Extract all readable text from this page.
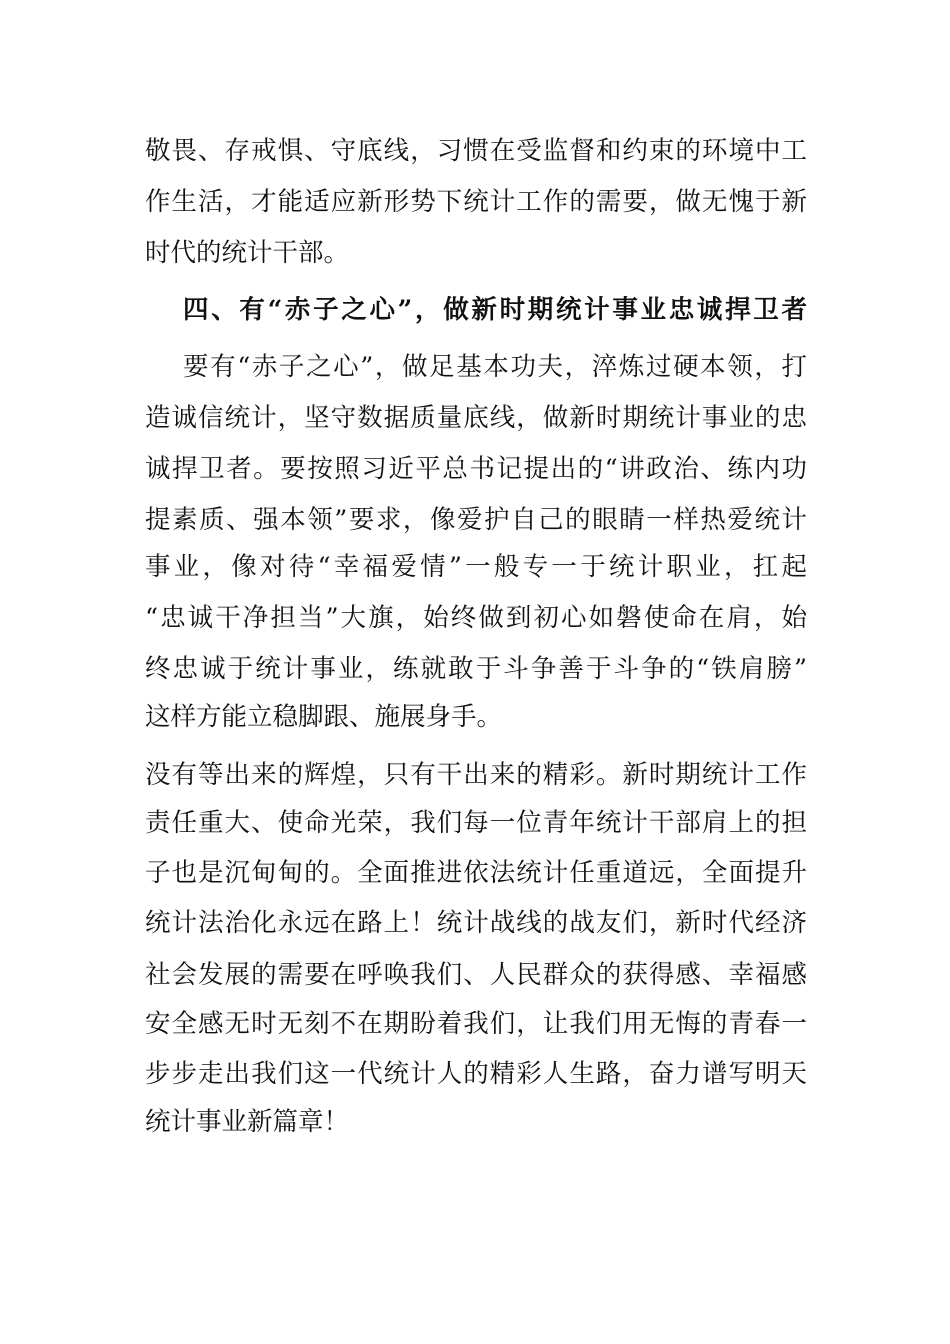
敬畏、存戒惧、守底线，习惯在受监督和约束的环境中工
作生活，才能适应新形势下统计工作的需要，做无愧于新
时代的统计干部。
四、有“赤子之心”，做新时期统计事业忠诚捍卫者
要有“赤子之心”，做足基本功夫，淬炼过硬本领，打
造诚信统计，坚守数据质量底线，做新时期统计事业的忠
诚捍卫者。要按照习近平总书记提出的“讲政治、练内功
提素质、强本领”要求，像爱护自己的眼睛一样热爱统计
事业，像对待“幸福爱情”一般专一于统计职业，扛起
“忠诚干净担当”大旗，始终做到初心如磐使命在肩，始
终忠诚于统计事业，练就敢于斗争善于斗争的“铁肩膀”
这样方能立稳脚跟、施展身手。
没有等出来的辉煌，只有干出来的精彩。新时期统计工作
责任重大、使命光荣，我们每一位青年统计干部肩上的担
子也是沉甸甸的。全面推进依法统计任重道远，全面提升
统计法治化永远在路上！统计战线的战友们，新时代经济
社会发展的需要在呼唤我们、人民群众的获得感、幸福感
安全感无时无刻不在期盼着我们，让我们用无悔的青春一
步步走出我们这一代统计人的精彩人生路，奋力谱写明天
统计事业新篇章！
